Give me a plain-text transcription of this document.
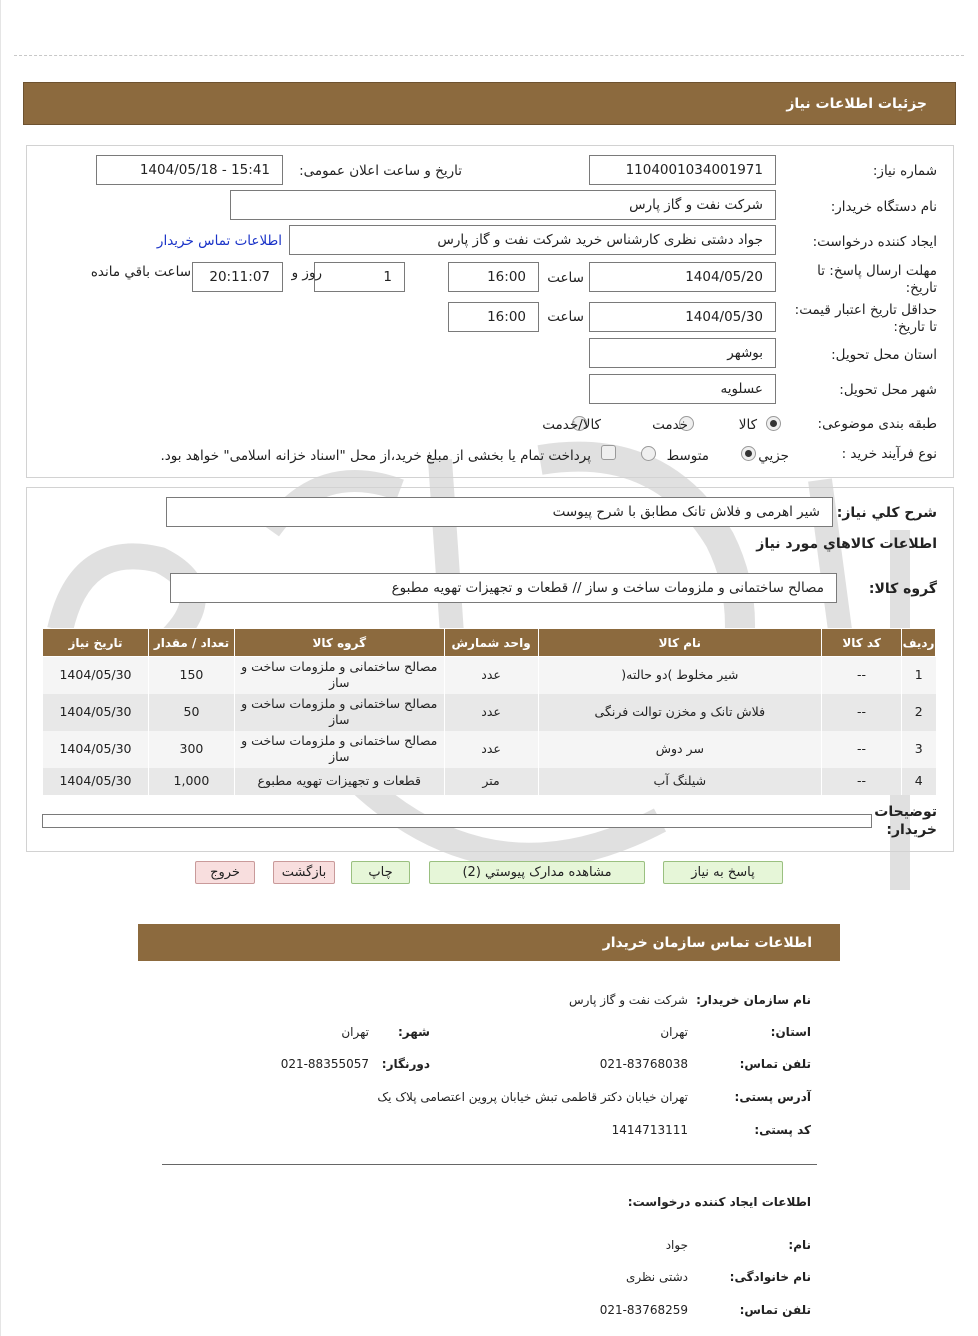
جزئیات اطلاعات نیاز
شماره نیاز:
1104001034001971
تاریخ و ساعت اعلان عمومی:
1404/05/18 - 15:41
نام دستگاه خریدار:
شرکت نفت و گاز پارس
ایجاد کننده درخواست:
جواد دشتی نظری کارشناس خرید شرکت نفت و گاز پارس
اطلاعات تماس خریدار
مهلت ارسال پاسخ: تا
تاریخ:
1404/05/20
ساعت
16:00
1
روز و
20:11:07
ساعت باقي مانده
حداقل تاریخ اعتبار قیمت:
تا تاریخ:
1404/05/30
ساعت
16:00
استان محل تحویل:
بوشهر
شهر محل تحویل:
عسلویه
طبقه بندی موضوعی:

کالا

خدمت

کالا/خدمت
نوع فرآیند خرید :

جزيي
متوسط
پرداخت تمام یا بخشی از مبلغ خرید،از محل "اسناد خزانه اسلامی" خواهد بود.
شرح کلي نياز:
شیر اهرمی و فلاش تانک مطابق با شرح پیوست
اطلاعات کالاهاي مورد نياز
گروه کالا:
مصالح ساختمانی و ملزومات ساخت و ساز // قطعات و تجهیزات تهویه مطبوع
رديف	کد کالا	نام کالا	واحد شمارش	گروه کالا	تعداد / مقدار	تاریخ نیاز
1	--	شیر مخلوط )دو حالته(	عدد	مصالح ساختمانی و ملزومات ساخت و ساز	150	1404/05/30
2	--	فلاش تانک و مخزن توالت فرنگی	عدد	مصالح ساختمانی و ملزومات ساخت و ساز	50	1404/05/30
3	--	سر دوش	عدد	مصالح ساختمانی و ملزومات ساخت و ساز	300	1404/05/30
4	--	شیلنگ آب	متر	قطعات و تجهیزات تهویه مطبوع	1,000	1404/05/30
توضیحات
خریدار:
پاسخ به نیاز
مشاهده مدارک پیوستي (2)
چاپ
بازگشت
خروج
اطلاعات تماس سازمان خریدار
نام سازمان خریدار:
شرکت نفت و گاز پارس
استان:
تهران
شهر:
تهران
تلفن تماس:
021-83768038
دورنگار:
021-88355057
آدرس پستی:
تهران خیابان دکتر قاطمی تبش خیابان پروین اعتصامی پلاک یک
کد پستی:
1414713111
اطلاعات ایجاد کننده درخواست:
نام:
جواد
نام خانوادگی:
دشتی نظری
تلفن تماس:
021-83768259
